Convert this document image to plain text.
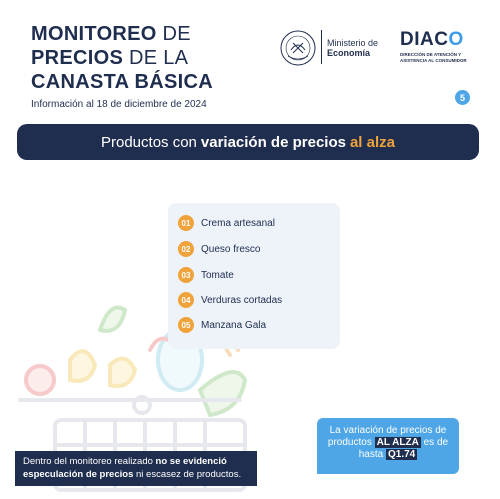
MONITOREO DE
PRECIOS DE LA
CANASTA BÁSICA
Información al 18 de diciembre de 2024
Ministerio de
Economía
DIACO
DIRECCIÓN DE ATENCIÓN Y
ASISTENCIA AL CONSUMIDOR
5
Productos con variación de precios al alza
01	Crema artesanal
02	Queso fresco
03	Tomate
04	Verduras cortadas
05	Manzana Gala
Dentro del monitoreo realizado no se evidenció
especulación de precios ni escasez de productos.
La variación de precios de
productos AL ALZA es de
hasta Q1.74
